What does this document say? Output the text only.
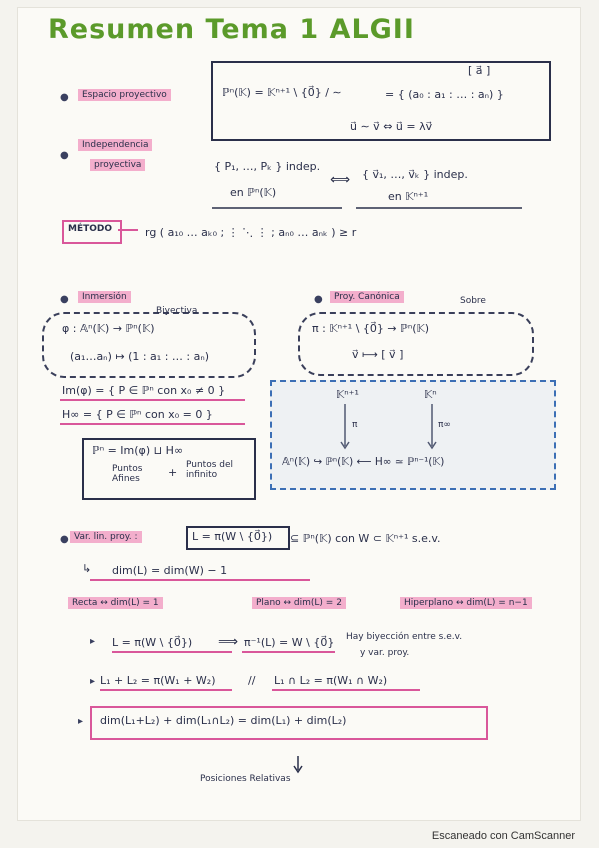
Resumen Tema 1 ALGII
●	Espacio proyectivo
[ a⃗ ]
ℙⁿ(𝕂) = 𝕂ⁿ⁺¹ \ {0⃗} / ∼	= { (a₀ : a₁ : … : aₙ) }
u⃗ ∼ v⃗ ⇔ u⃗ = λv⃗
●
Independencia
proyectiva	{ P₁, …, Pₖ } indep.
en ℙⁿ(𝕂)
⟺ { v⃗₁, …, v⃗ₖ } indep.
en 𝕂ⁿ⁺¹
MÉTODO	rg ( a₁₀ … aₖ₀ ; ⋮ ⋱ ⋮ ; aₙ₀ … aₙₖ ) ≥ r
●	Inmersión
Biyectiva
φ : 𝔸ⁿ(𝕂) → ℙⁿ(𝕂)
(a₁…aₙ) ↦ (1 : a₁ : … : aₙ)
Im(φ) = { P ∈ ℙⁿ con x₀ ≠ 0 }
H∞ = { P ∈ ℙⁿ con x₀ = 0 }
ℙⁿ = Im(φ) ⊔ H∞
Puntos Afines	+
Puntos del infinito
●	Proy. Canónica	Sobre
π : 𝕂ⁿ⁺¹ \ {0⃗} → ℙⁿ(𝕂)
v⃗ ⟼ [ v⃗ ]
𝕂ⁿ⁺¹	𝕂ⁿ
π	π∞
𝔸ⁿ(𝕂) ↪ ℙⁿ(𝕂) ⟵ H∞ ≃ ℙⁿ⁻¹(𝕂)
● Var. lin. proy. :	L = π(W \ {0⃗}) ⊆ ℙⁿ(𝕂) con W ⊂ 𝕂ⁿ⁺¹ s.e.v.
↳ dim(L) = dim(W) − 1
Recta ↔ dim(L) = 1	Plano ↔ dim(L) = 2	Hiperplano ↔ dim(L) = n−1
▸ L = π(W \ {0⃗}) ⟹ π⁻¹(L) = W \ {0⃗} Hay biyección entre s.e.v.
y var. proy.
▸ L₁ + L₂ = π(W₁ + W₂)	// L₁ ∩ L₂ = π(W₁ ∩ W₂)
▸ dim(L₁+L₂) + dim(L₁∩L₂) = dim(L₁) + dim(L₂)
Posiciones Relativas
Escaneado con CamScanner
